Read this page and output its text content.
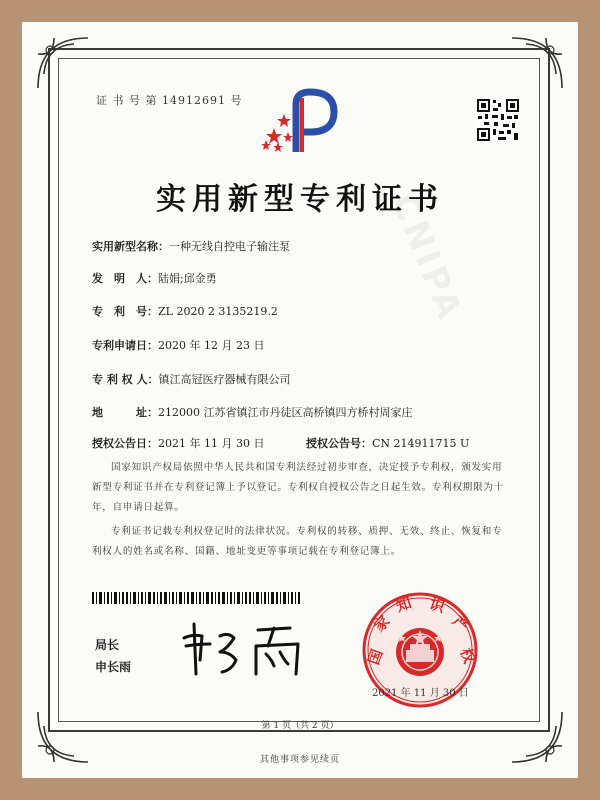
CNIPA
证 书 号 第 14912691 号
实用新型专利证书
实用新型名称：一种无线自控电子输注泵
发　明　人：陆娟;邱金勇
专　利　号：ZL 2020 2 3135219.2
专利申请日：2020 年 12 月 23 日
专 利 权 人：镇江高冠医疗器械有限公司
地　　　址：212000 江苏省镇江市丹徒区高桥镇四方桥村周家庄
授权公告日：2021 年 11 月 30 日	授权公告号：CN 214911715 U
国家知识产权局依照中华人民共和国专利法经过初步审查，决定授予专利权，颁发实用
新型专利证书并在专利登记簿上予以登记。专利权自授权公告之日起生效。专利权期限为十
年，自申请日起算。
专利证书记载专利权登记时的法律状况。专利权的转移、质押、无效、终止、恢复和专
利权人的姓名或名称、国籍、地址变更等事项记载在专利登记簿上。
局长
申长雨	国
家
知 识
产
权
2021 年 11 月 30 日
第 1 页（共 2 页）
其他事项参见续页
